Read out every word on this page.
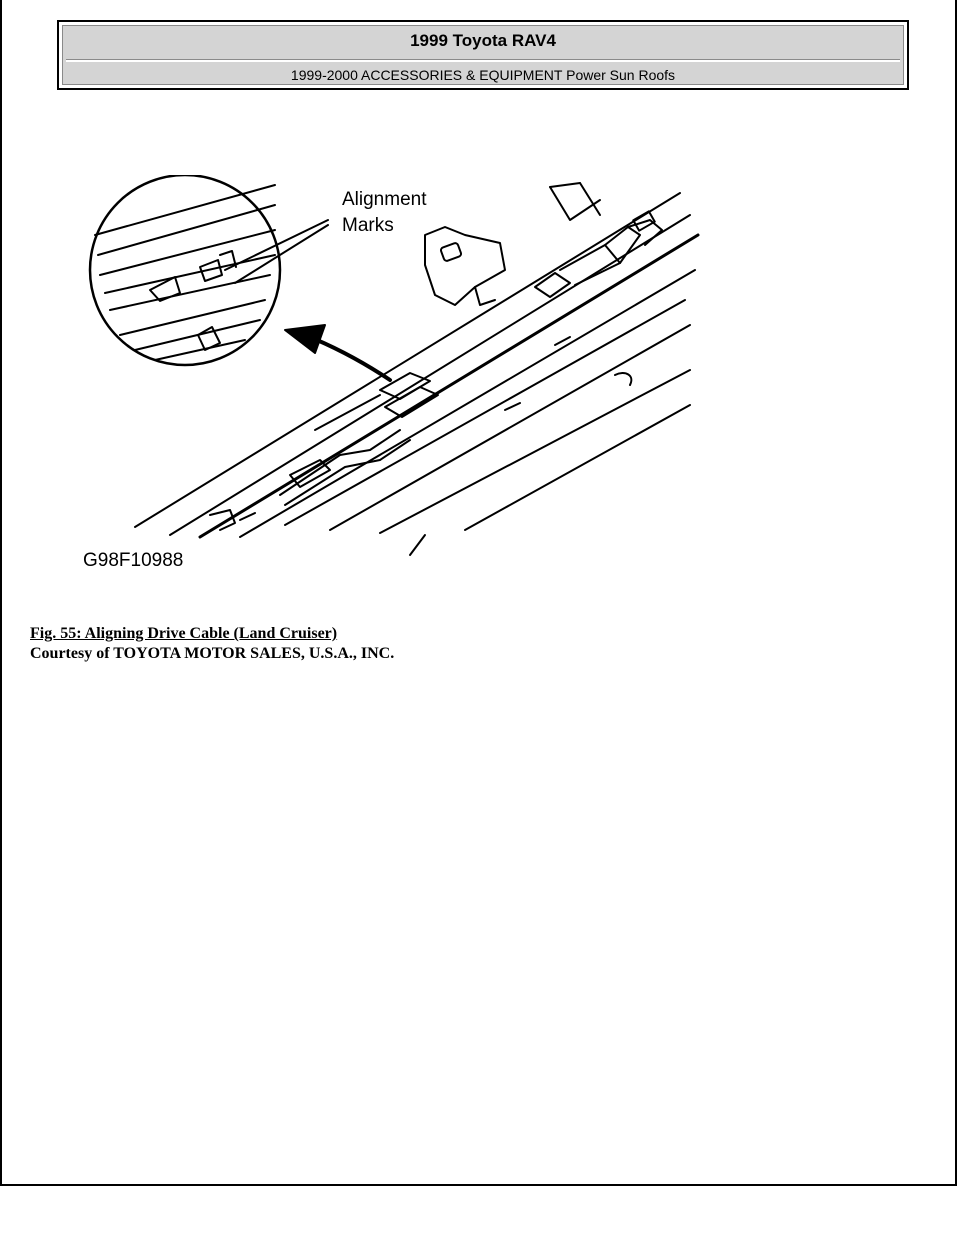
1999 Toyota RAV4
1999-2000 ACCESSORIES & EQUIPMENT Power Sun Roofs
Alignment
Marks
G98F10988
Fig. 55: Aligning Drive Cable (Land Cruiser)
Courtesy of TOYOTA MOTOR SALES, U.S.A., INC.
